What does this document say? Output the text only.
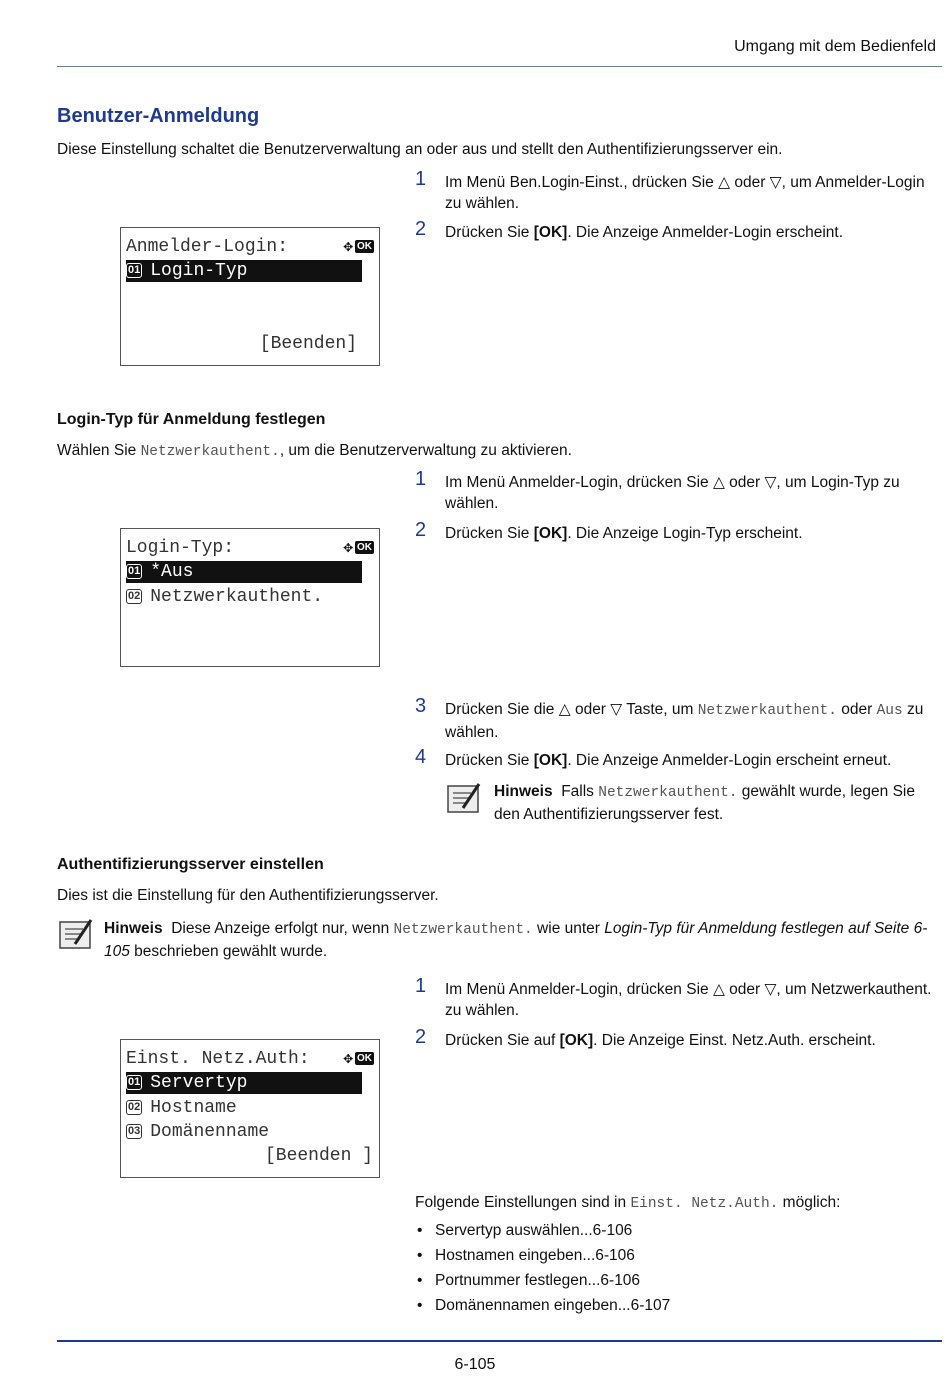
Umgang mit dem Bedienfeld
Benutzer-Anmeldung
Diese Einstellung schaltet die Benutzerverwaltung an oder aus und stellt den Authentifizierungsserver ein.
1 Im Menü Ben.Login-Einst., drücken Sie △ oder ▽, um Anmelder-Login zu wählen.
2 Drücken Sie [OK]. Die Anzeige Anmelder-Login erscheint.
Anmelder-Login:	✥ OK
01 Login-Typ
[Beenden]
Login-Typ für Anmeldung festlegen
Wählen Sie Netzwerkauthent., um die Benutzerverwaltung zu aktivieren.
1 Im Menü Anmelder-Login, drücken Sie △ oder ▽, um Login-Typ zu wählen.
2 Drücken Sie [OK]. Die Anzeige Login-Typ erscheint.
Login-Typ:	✥ OK
01 *Aus
02 Netzwerkauthent.
3 Drücken Sie die △ oder ▽ Taste, um Netzwerkauthent. oder Aus zu wählen.
4 Drücken Sie [OK]. Die Anzeige Anmelder-Login erscheint erneut.
Hinweis Falls Netzwerkauthent. gewählt wurde, legen Sie den Authentifizierungsserver fest.
Authentifizierungsserver einstellen
Dies ist die Einstellung für den Authentifizierungsserver.
Hinweis Diese Anzeige erfolgt nur, wenn Netzwerkauthent. wie unter Login-Typ für Anmeldung festlegen auf Seite 6-105 beschrieben gewählt wurde.
1 Im Menü Anmelder-Login, drücken Sie △ oder ▽, um Netzwerkauthent. zu wählen.
2 Drücken Sie auf [OK]. Die Anzeige Einst. Netz.Auth. erscheint.
Einst. Netz.Auth: ✥ OK
01 Servertyp
02 Hostname
03 Domänenname
[Beenden ]
Folgende Einstellungen sind in Einst. Netz.Auth. möglich:
• Servertyp auswählen...6-106
• Hostnamen eingeben...6-106
• Portnummer festlegen...6-106
• Domänennamen eingeben...6-107
6-105
